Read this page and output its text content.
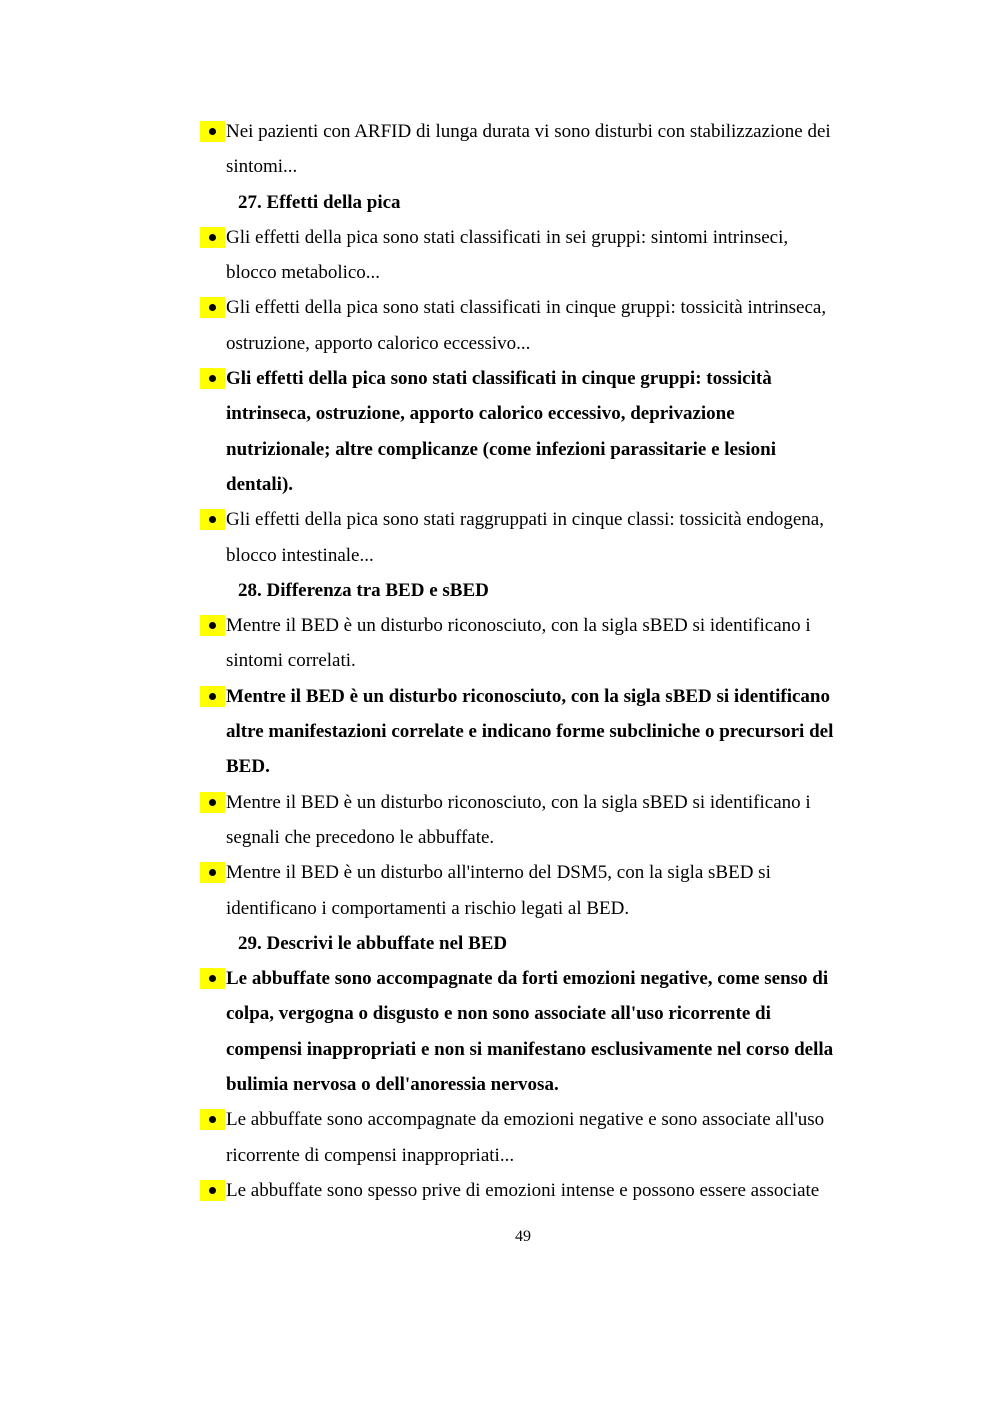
Nei pazienti con ARFID di lunga durata vi sono disturbi con stabilizzazione dei
sintomi...
27. Effetti della pica
Gli effetti della pica sono stati classificati in sei gruppi: sintomi intrinseci,
blocco metabolico...
Gli effetti della pica sono stati classificati in cinque gruppi: tossicità intrinseca,
ostruzione, apporto calorico eccessivo...
Gli effetti della pica sono stati classificati in cinque gruppi: tossicità
intrinseca, ostruzione, apporto calorico eccessivo, deprivazione
nutrizionale; altre complicanze (come infezioni parassitarie e lesioni
dentali).
Gli effetti della pica sono stati raggruppati in cinque classi: tossicità endogena,
blocco intestinale...
28. Differenza tra BED e sBED
Mentre il BED è un disturbo riconosciuto, con la sigla sBED si identificano i
sintomi correlati.
Mentre il BED è un disturbo riconosciuto, con la sigla sBED si identificano
altre manifestazioni correlate e indicano forme subcliniche o precursori del
BED.
Mentre il BED è un disturbo riconosciuto, con la sigla sBED si identificano i
segnali che precedono le abbuffate.
Mentre il BED è un disturbo all'interno del DSM5, con la sigla sBED si
identificano i comportamenti a rischio legati al BED.
29. Descrivi le abbuffate nel BED
Le abbuffate sono accompagnate da forti emozioni negative, come senso di
colpa, vergogna o disgusto e non sono associate all'uso ricorrente di
compensi inappropriati e non si manifestano esclusivamente nel corso della
bulimia nervosa o dell'anoressia nervosa.
Le abbuffate sono accompagnate da emozioni negative e sono associate all'uso
ricorrente di compensi inappropriati...
Le abbuffate sono spesso prive di emozioni intense e possono essere associate
49
